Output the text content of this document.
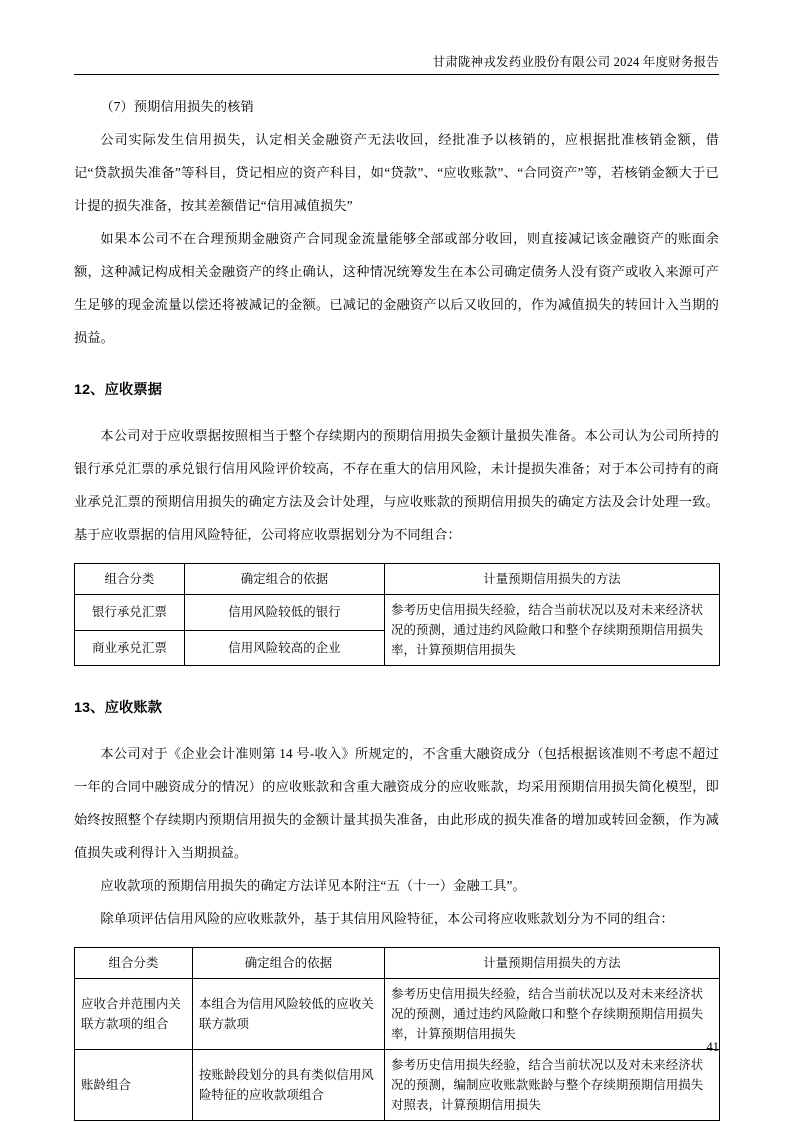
甘肃陇神戎发药业股份有限公司 2024 年度财务报告

（7）预期信用损失的核销

公司实际发生信用损失，认定相关金融资产无法收回，经批准予以核销的，应根据批准核销金额，借记“贷款损失准备”等科目，贷记相应的资产科目，如“贷款”、“应收账款”、“合同资产”等，若核销金额大于已计提的损失准备，按其差额借记“信用减值损失”

如果本公司不在合理预期金融资产合同现金流量能够全部或部分收回，则直接减记该金融资产的账面余额，这种减记构成相关金融资产的终止确认，这种情况统筹发生在本公司确定债务人没有资产或收入来源可产生足够的现金流量以偿还将被减记的金额。已减记的金融资产以后又收回的，作为减值损失的转回计入当期的损益。

12、应收票据

本公司对于应收票据按照相当于整个存续期内的预期信用损失金额计量损失准备。本公司认为公司所持的银行承兑汇票的承兑银行信用风险评价较高，不存在重大的信用风险，未计提损失准备；对于本公司持有的商业承兑汇票的预期信用损失的确定方法及会计处理，与应收账款的预期信用损失的确定方法及会计处理一致。基于应收票据的信用风险特征，公司将应收票据划分为不同组合：

组合分类	确定组合的依据	计量预期信用损失的方法
银行承兑汇票	信用风险较低的银行	参考历史信用损失经验，结合当前状况以及对未来经济状况的预测，通过违约风险敞口和整个存续期预期信用损失率，计算预期信用损失
商业承兑汇票	信用风险较高的企业	
13、应收账款

本公司对于《企业会计准则第 14 号-收入》所规定的，不含重大融资成分（包括根据该准则不考虑不超过一年的合同中融资成分的情况）的应收账款和含重大融资成分的应收账款，均采用预期信用损失简化模型，即始终按照整个存续期内预期信用损失的金额计量其损失准备，由此形成的损失准备的增加或转回金额，作为减值损失或利得计入当期损益。

应收款项的预期信用损失的确定方法详见本附注“五（十一）金融工具”。

除单项评估信用风险的应收账款外，基于其信用风险特征，本公司将应收账款划分为不同的组合：

组合分类	确定组合的依据	计量预期信用损失的方法
应收合并范围内关联方款项的组合	本组合为信用风险较低的应收关联方款项	参考历史信用损失经验，结合当前状况以及对未来经济状况的预测，通过违约风险敞口和整个存续期预期信用损失率，计算预期信用损失
账龄组合	按账龄段划分的具有类似信用风险特征的应收款项组合	参考历史信用损失经验，结合当前状况以及对未来经济状况的预测，编制应收账款账龄与整个存续期预期信用损失对照表，计算预期信用损失
41
